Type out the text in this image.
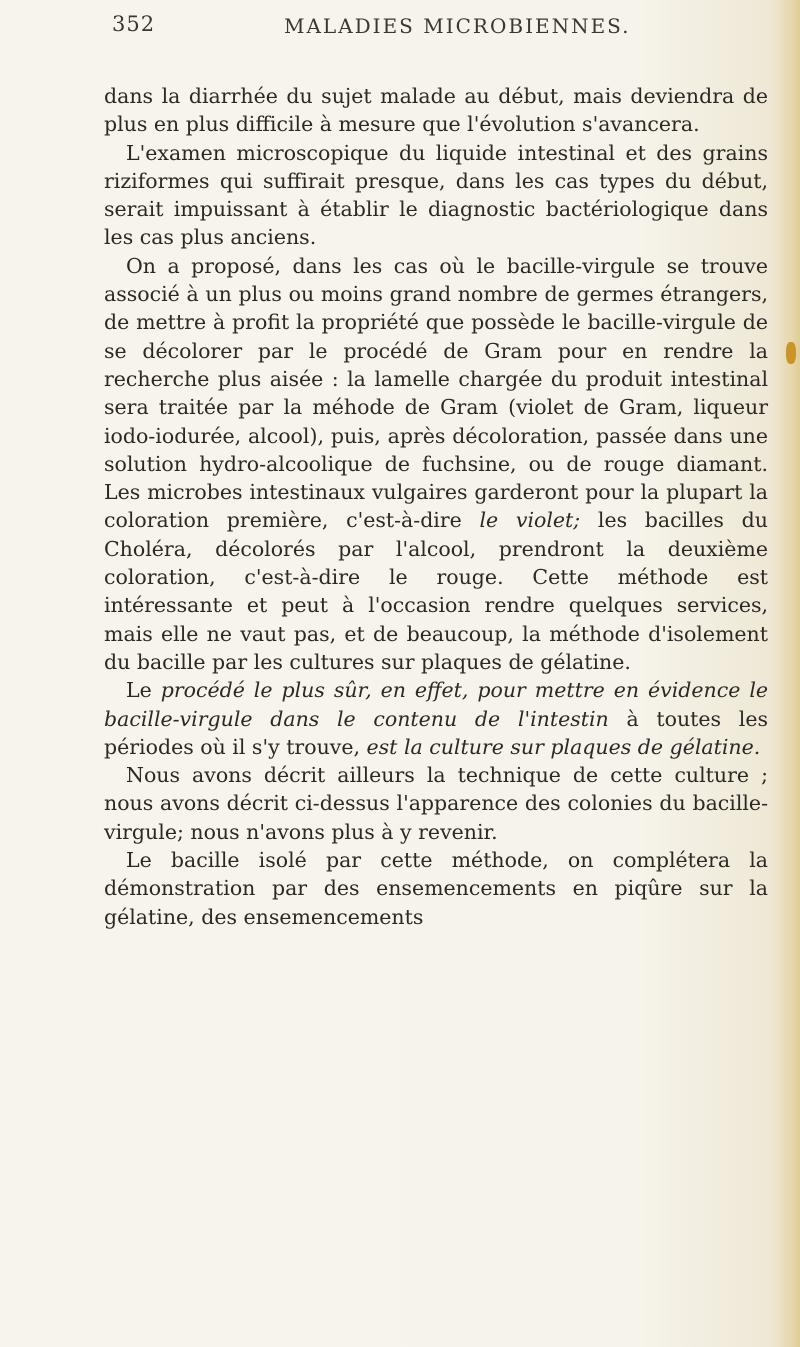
352	MALADIES MICROBIENNES.

dans la diarrhée du sujet malade au début, mais deviendra de plus en plus difficile à mesure que l'évolution s'avancera.

L'examen microscopique du liquide intestinal et des grains riziformes qui suffirait presque, dans les cas types du début, serait impuissant à établir le diagnostic bactériologique dans les cas plus anciens.

On a proposé, dans les cas où le bacille-virgule se trouve associé à un plus ou moins grand nombre de germes étrangers, de mettre à profit la propriété que possède le bacille-virgule de se décolorer par le procédé de Gram pour en rendre la recherche plus aisée : la lamelle chargée du produit intestinal sera traitée par la méhode de Gram (violet de Gram, liqueur iodo-iodurée, alcool), puis, après décoloration, passée dans une solution hydro-alcoolique de fuchsine, ou de rouge diamant. Les microbes intestinaux vulgaires garderont pour la plupart la coloration première, c'est-à-dire le violet; les bacilles du Choléra, décolorés par l'alcool, prendront la deuxième coloration, c'est-à-dire le rouge. Cette méthode est intéressante et peut à l'occasion rendre quelques services, mais elle ne vaut pas, et de beaucoup, la méthode d'isolement du bacille par les cultures sur plaques de gélatine.

Le procédé le plus sûr, en effet, pour mettre en évidence le bacille-virgule dans le contenu de l'intestin à toutes les périodes où il s'y trouve, est la culture sur plaques de gélatine.

Nous avons décrit ailleurs la technique de cette culture ; nous avons décrit ci-dessus l'apparence des colonies du bacille-virgule; nous n'avons plus à y revenir.

Le bacille isolé par cette méthode, on complétera la démonstration par des ensemencements en piqûre sur la gélatine, des ensemencements
